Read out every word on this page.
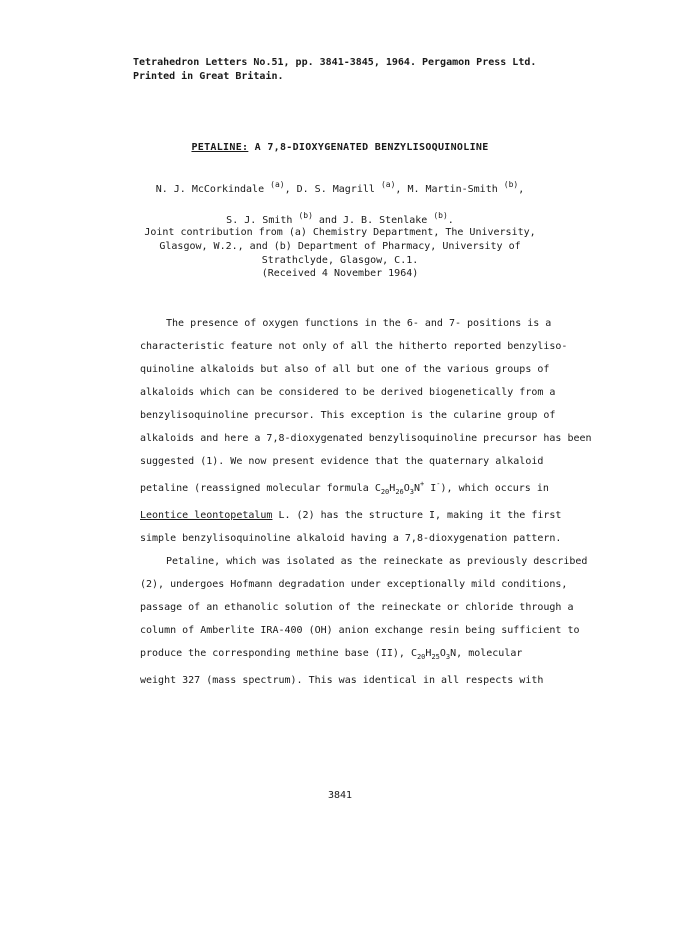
Tetrahedron Letters No.51, pp. 3841-3845, 1964. Pergamon Press Ltd.
Printed in Great Britain.
PETALINE: A 7,8-DIOXYGENATED BENZYLISOQUINOLINE
N. J. McCorkindale $^{(a)}$, D. S. Magrill $^{(a)}$, M. Martin-Smith $^{(b)}$,
S. J. Smith $^{(b)}$ and J. B. Stenlake $^{(b)}$.
Joint contribution from (a) Chemistry Department, The University,
Glasgow, W.2., and (b) Department of Pharmacy, University of
Strathclyde, Glasgow, C.1.
(Received 4 November 1964)
The presence of oxygen functions in the 6- and 7- positions is a
characteristic feature not only of all the hitherto reported benzyliso-
quinoline alkaloids but also of all but one of the various groups of
alkaloids which can be considered to be derived biogenetically from a
benzylisoquinoline precursor. This exception is the cularine group of
alkaloids and here a 7,8-dioxygenated benzylisoquinoline precursor has been
suggested (1). We now present evidence that the quaternary alkaloid
petaline (reassigned molecular formula $C_{20}H_{26}O_3N^+$ I-), which occurs in
Leontice leontopetalum L. (2) has the structure I, making it the first
simple benzylisoquinoline alkaloid having a 7,8-dioxygenation pattern.
Petaline, which was isolated as the reineckate as previously described
(2), undergoes Hofmann degradation under exceptionally mild conditions,
passage of an ethanolic solution of the reineckate or chloride through a
column of Amberlite IRA-400 (OH) anion exchange resin being sufficient to
produce the corresponding methine base (II), $C_{20}H_{25}O_3N$, molecular
weight 327 (mass spectrum). This was identical in all respects with
3841
